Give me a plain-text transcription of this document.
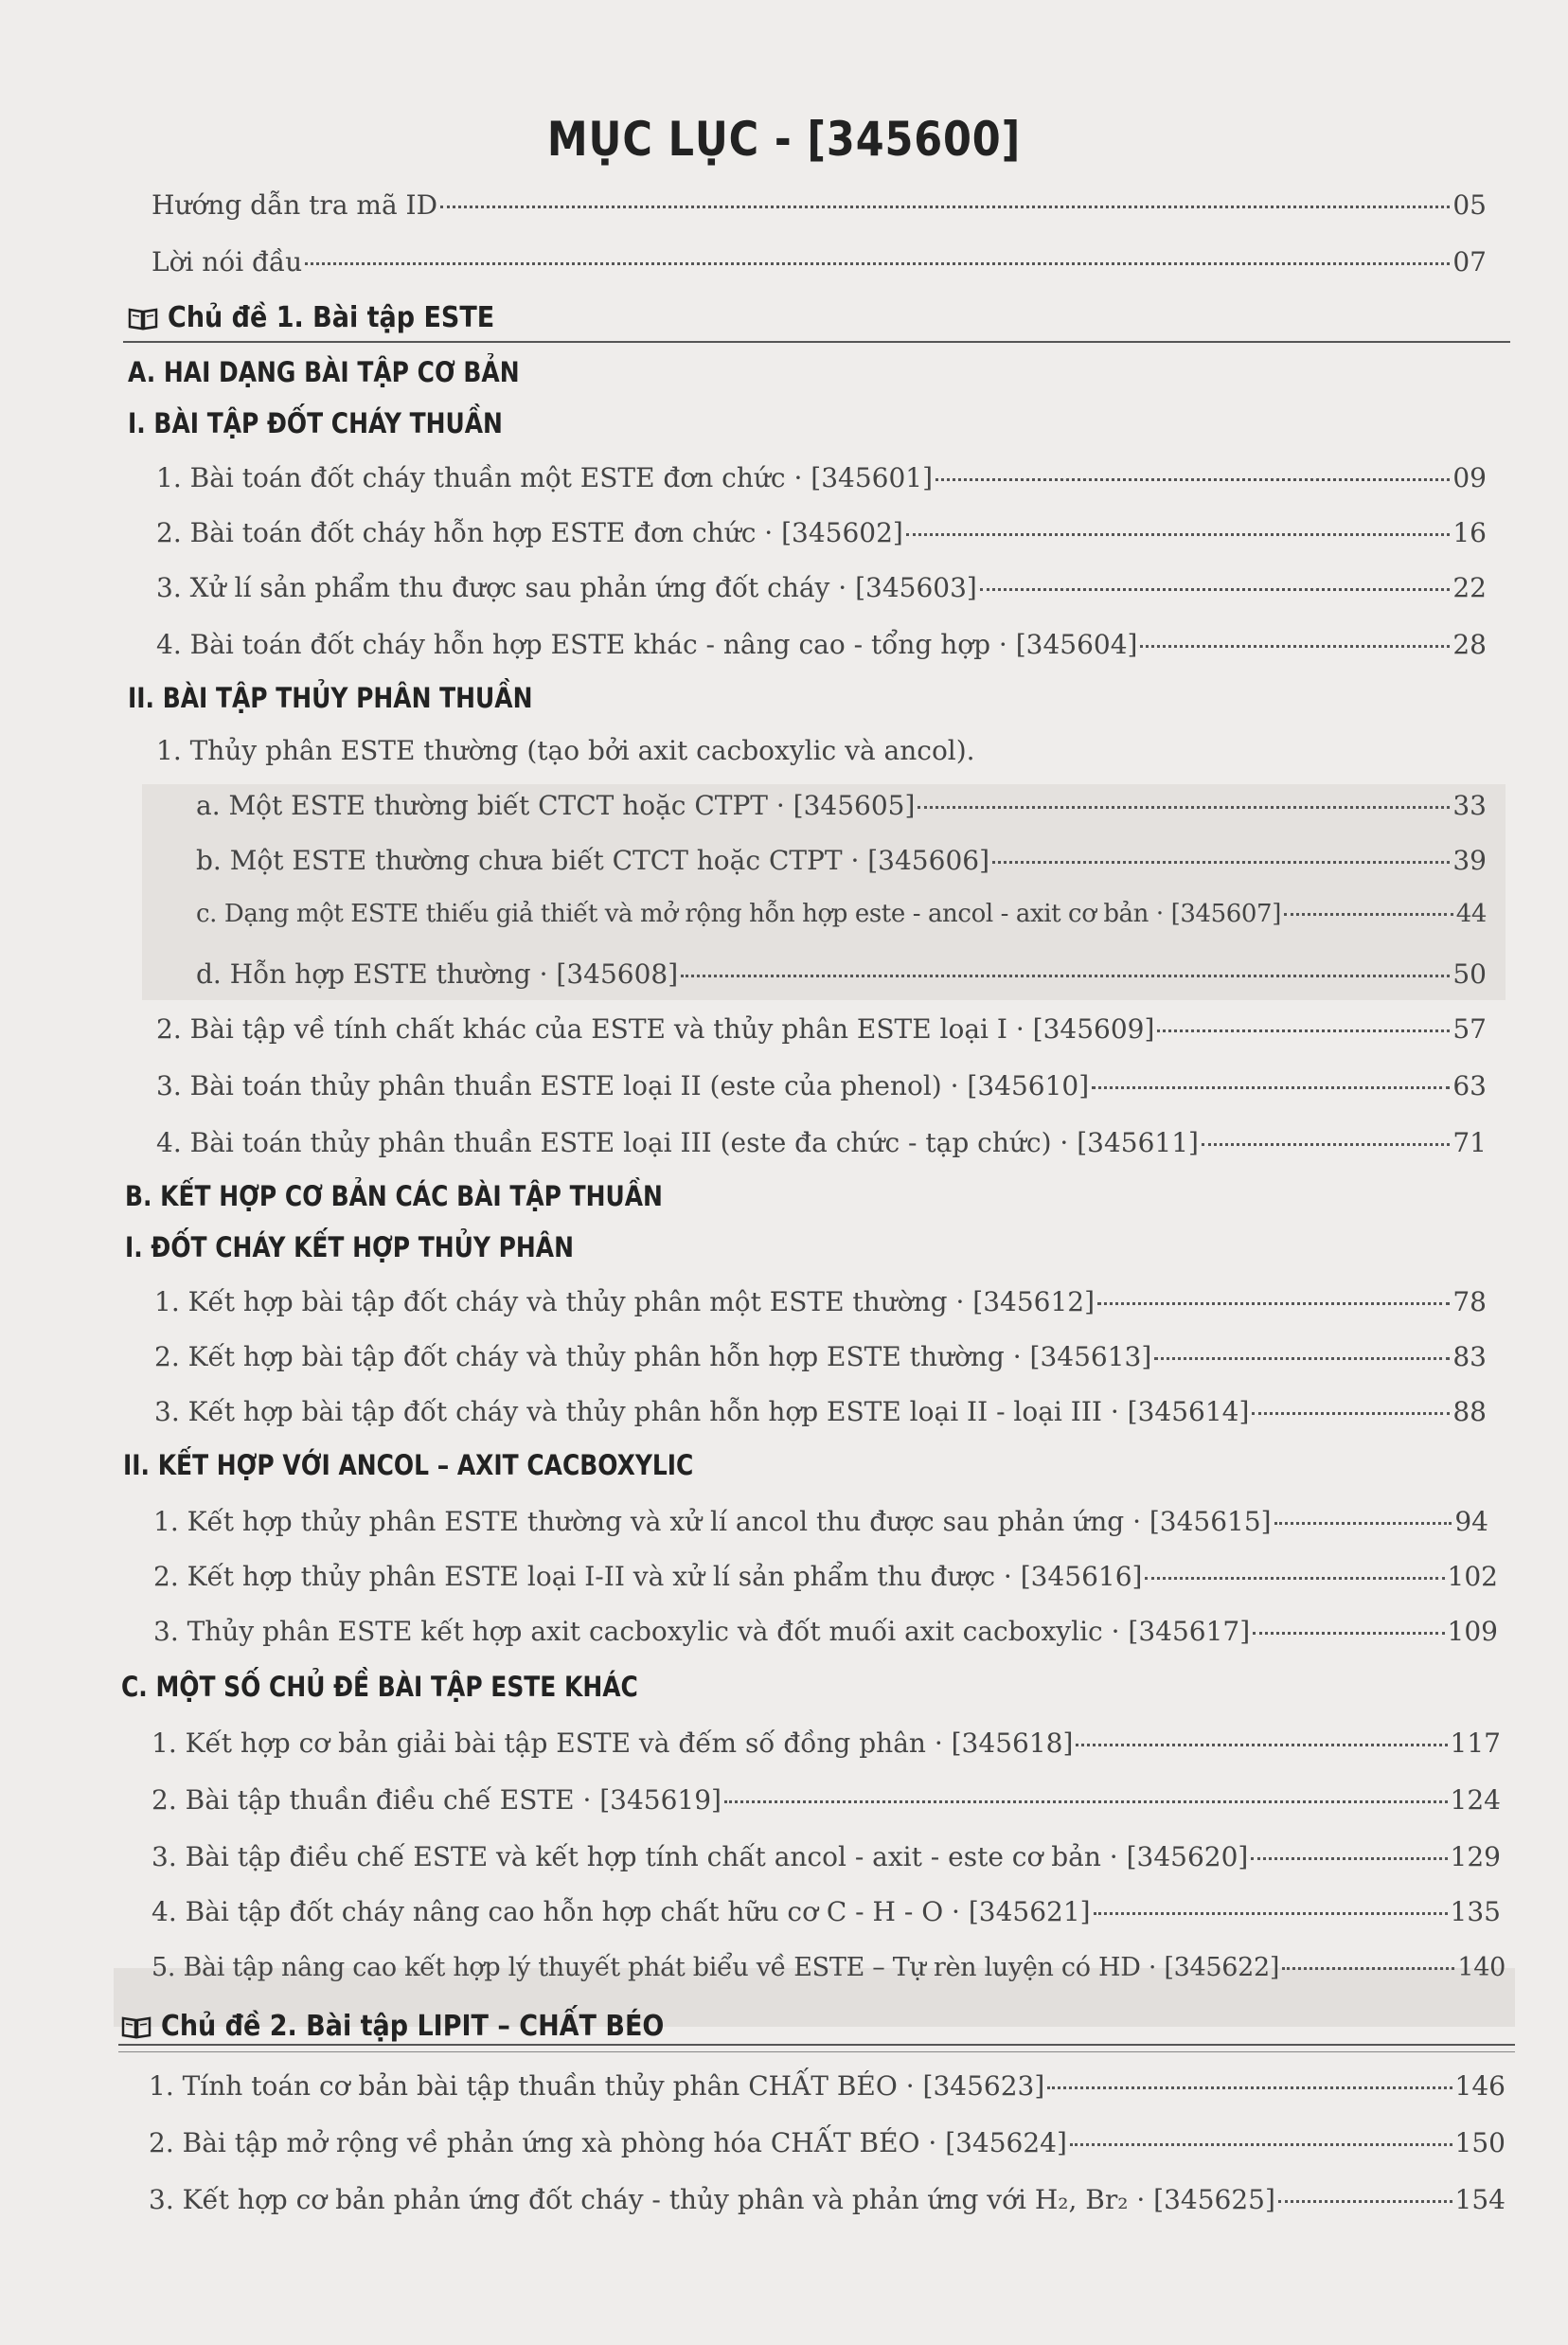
MỤC LỤC - [345600]
Hướng dẫn tra mã ID	05
Lời nói đầu	07
Chủ đề 1. Bài tập ESTE
A. HAI DẠNG BÀI TẬP CƠ BẢN
I. BÀI TẬP ĐỐT CHÁY THUẦN
1. Bài toán đốt cháy thuần một ESTE đơn chức · [345601]	09
2. Bài toán đốt cháy hỗn hợp ESTE đơn chức · [345602]	16
3. Xử lí sản phẩm thu được sau phản ứng đốt cháy · [345603]	22
4. Bài toán đốt cháy hỗn hợp ESTE khác - nâng cao - tổng hợp · [345604]	28
II. BÀI TẬP THỦY PHÂN THUẦN
1. Thủy phân ESTE thường (tạo bởi axit cacboxylic và ancol).
a. Một ESTE thường biết CTCT hoặc CTPT · [345605]	33
b. Một ESTE thường chưa biết CTCT hoặc CTPT · [345606]	39
c. Dạng một ESTE thiếu giả thiết và mở rộng hỗn hợp este - ancol - axit cơ bản · [345607]	44
d. Hỗn hợp ESTE thường · [345608]	50
2. Bài tập về tính chất khác của ESTE và thủy phân ESTE loại I · [345609]	57
3. Bài toán thủy phân thuần ESTE loại II (este của phenol) · [345610]	63
4. Bài toán thủy phân thuần ESTE loại III (este đa chức - tạp chức) · [345611]	71
B. KẾT HỢP CƠ BẢN CÁC BÀI TẬP THUẦN
I. ĐỐT CHÁY KẾT HỢP THỦY PHÂN
1. Kết hợp bài tập đốt cháy và thủy phân một ESTE thường · [345612]	78
2. Kết hợp bài tập đốt cháy và thủy phân hỗn hợp ESTE thường · [345613]	83
3. Kết hợp bài tập đốt cháy và thủy phân hỗn hợp ESTE loại II - loại III · [345614]	88
II. KẾT HỢP VỚI ANCOL – AXIT CACBOXYLIC
1. Kết hợp thủy phân ESTE thường và xử lí ancol thu được sau phản ứng · [345615]	94
2. Kết hợp thủy phân ESTE loại I-II và xử lí sản phẩm thu được · [345616]	102
3. Thủy phân ESTE kết hợp axit cacboxylic và đốt muối axit cacboxylic · [345617]	109
C. MỘT SỐ CHỦ ĐỀ BÀI TẬP ESTE KHÁC
1. Kết hợp cơ bản giải bài tập ESTE và đếm số đồng phân · [345618]	117
2. Bài tập thuần điều chế ESTE · [345619]	124
3. Bài tập điều chế ESTE và kết hợp tính chất ancol - axit - este cơ bản · [345620]	129
4. Bài tập đốt cháy nâng cao hỗn hợp chất hữu cơ C - H - O · [345621]	135
5. Bài tập nâng cao kết hợp lý thuyết phát biểu về ESTE – Tự rèn luyện có HD · [345622]	140
Chủ đề 2. Bài tập LIPIT – CHẤT BÉO
1. Tính toán cơ bản bài tập thuần thủy phân CHẤT BÉO · [345623]	146
2. Bài tập mở rộng về phản ứng xà phòng hóa CHẤT BÉO · [345624]	150
3. Kết hợp cơ bản phản ứng đốt cháy - thủy phân và phản ứng với H₂, Br₂ · [345625]	154
